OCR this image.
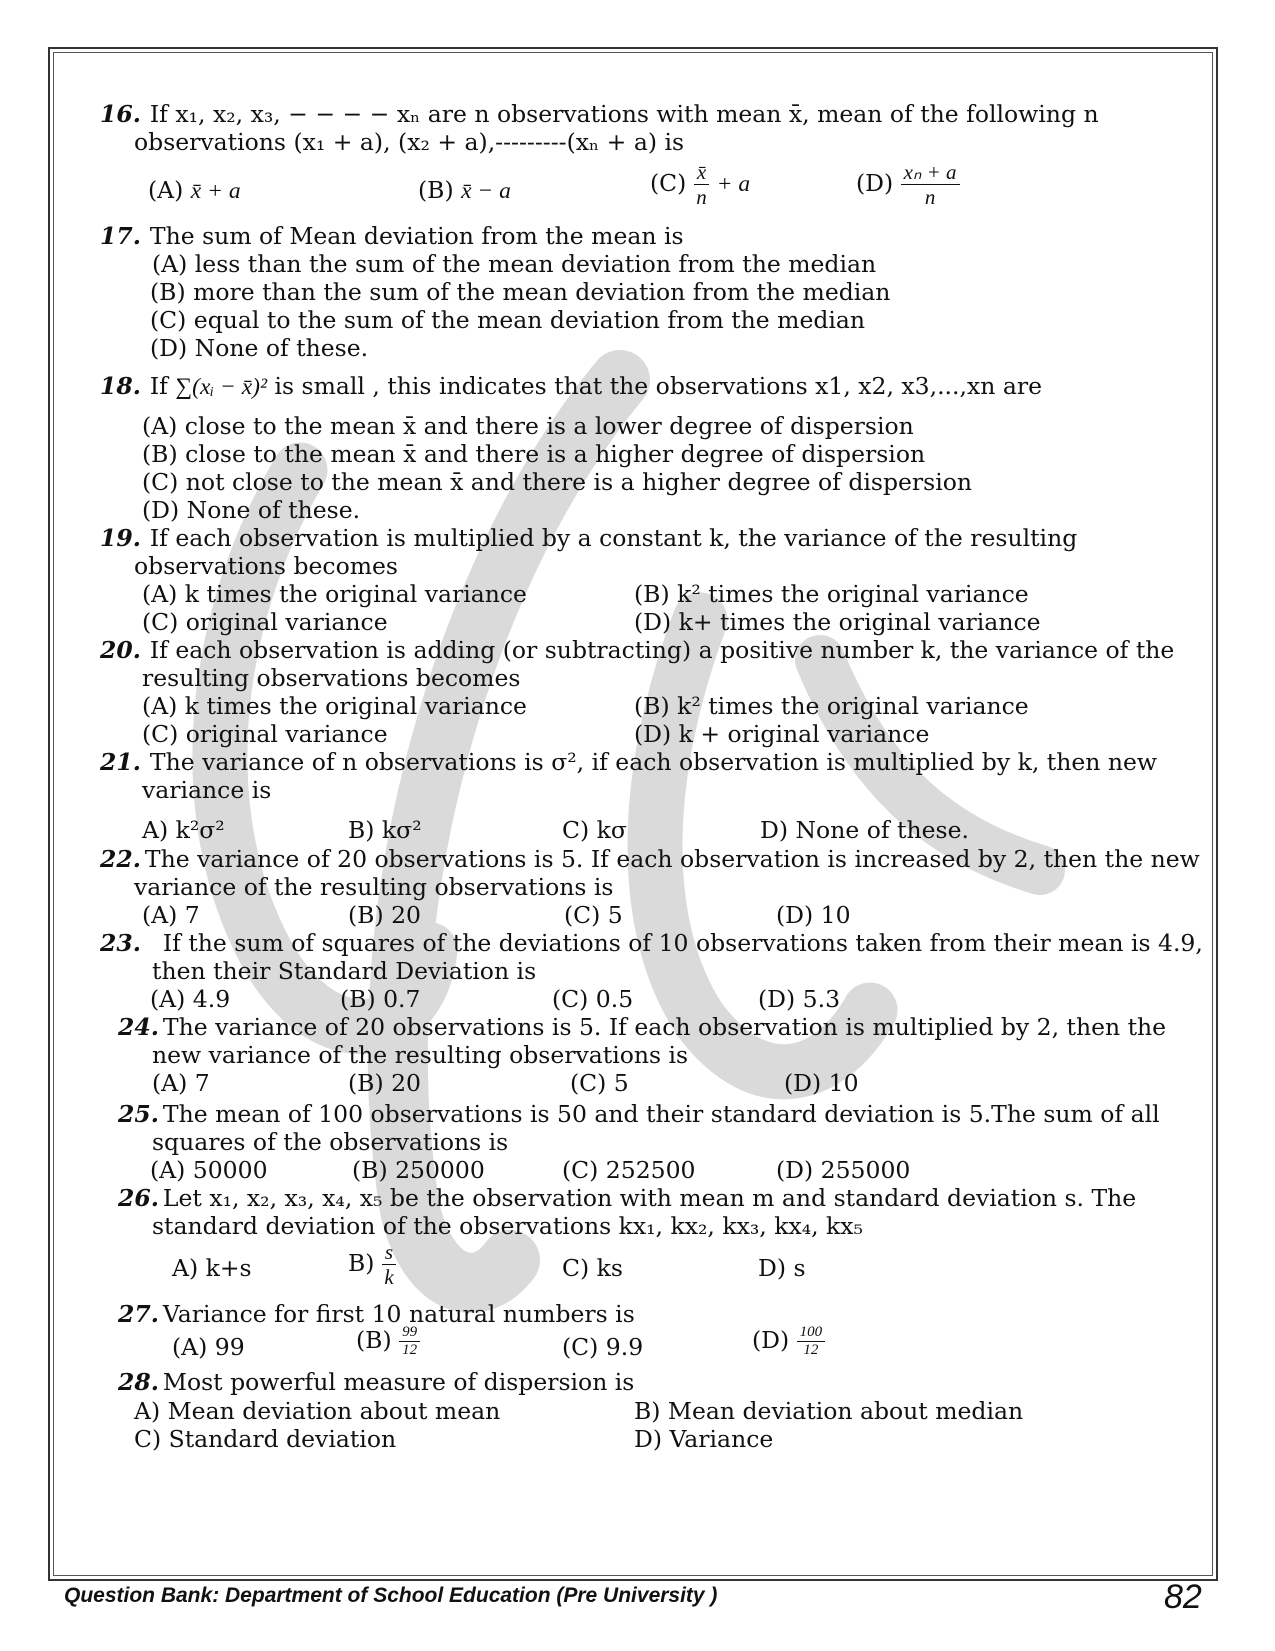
16. If x₁, x₂, x₃, − − − − xₙ are n observations with mean x̄, mean of the following n
observations (x₁ + a), (x₂ + a),---------(xₙ + a) is
(A) x̄ + a	(B) x̄ − a	$(C) \frac{x̄}{n} + a$	$(D) \frac{\text{xₙ + a}}{n}$
17. The sum of Mean deviation from the mean is
(A) less than the sum of the mean deviation from the median
(B) more than the sum of the mean deviation from the median
(C) equal to the sum of the mean deviation from the median
(D) None of these.
18. If ∑(xᵢ − x̄)² is small , this indicates that the observations x1, x2, x3,...,xn are
(A) close to the mean x̄ and there is a lower degree of dispersion
(B) close to the mean x̄ and there is a higher degree of dispersion
(C) not close to the mean x̄ and there is a higher degree of dispersion
(D) None of these.
19. If each observation is multiplied by a constant k, the variance of the resulting
observations becomes
(A) k times the original variance	(B) k² times the original variance
(C) original variance	(D) k+ times the original variance
20. If each observation is adding (or subtracting) a positive number k, the variance of the
resulting observations becomes
(A) k times the original variance	(B) k² times the original variance
(C) original variance	(D) k + original variance
21. The variance of n observations is σ², if each observation is multiplied by k, then new
variance is
A) k²σ²	B) kσ²	C) kσ	D) None of these.
22. The variance of 20 observations is 5. If each observation is increased by 2, then the new
variance of the resulting observations is
(A) 7	(B) 20	(C) 5	(D) 10
23. If the sum of squares of the deviations of 10 observations taken from their mean is 4.9,
then their Standard Deviation is
(A) 4.9	(B) 0.7	(C) 0.5	(D) 5.3
24. The variance of 20 observations is 5. If each observation is multiplied by 2, then the
new variance of the resulting observations is
(A) 7	(B) 20	(C) 5	(D) 10
25. The mean of 100 observations is 50 and their standard deviation is 5.The sum of all
squares of the observations is
(A) 50000	(B) 250000	(C) 252500	(D) 255000
26. Let x₁, x₂, x₃, x₄, x₅ be the observation with mean m and standard deviation s. The
standard deviation of the observations kx₁, kx₂, kx₃, kx₄, kx₅
A) k+s	$B) \frac{s}{k}$	C) ks	D) s
27. Variance for first 10 natural numbers is
(A) 99	$(B) \frac{99}{12}$	(C) 9.9	$(D) \frac{100}{12}$
28. Most powerful measure of dispersion is
A) Mean deviation about mean	B) Mean deviation about median
C) Standard deviation	D) Variance
Question Bank: Department of School Education (Pre University )	82
